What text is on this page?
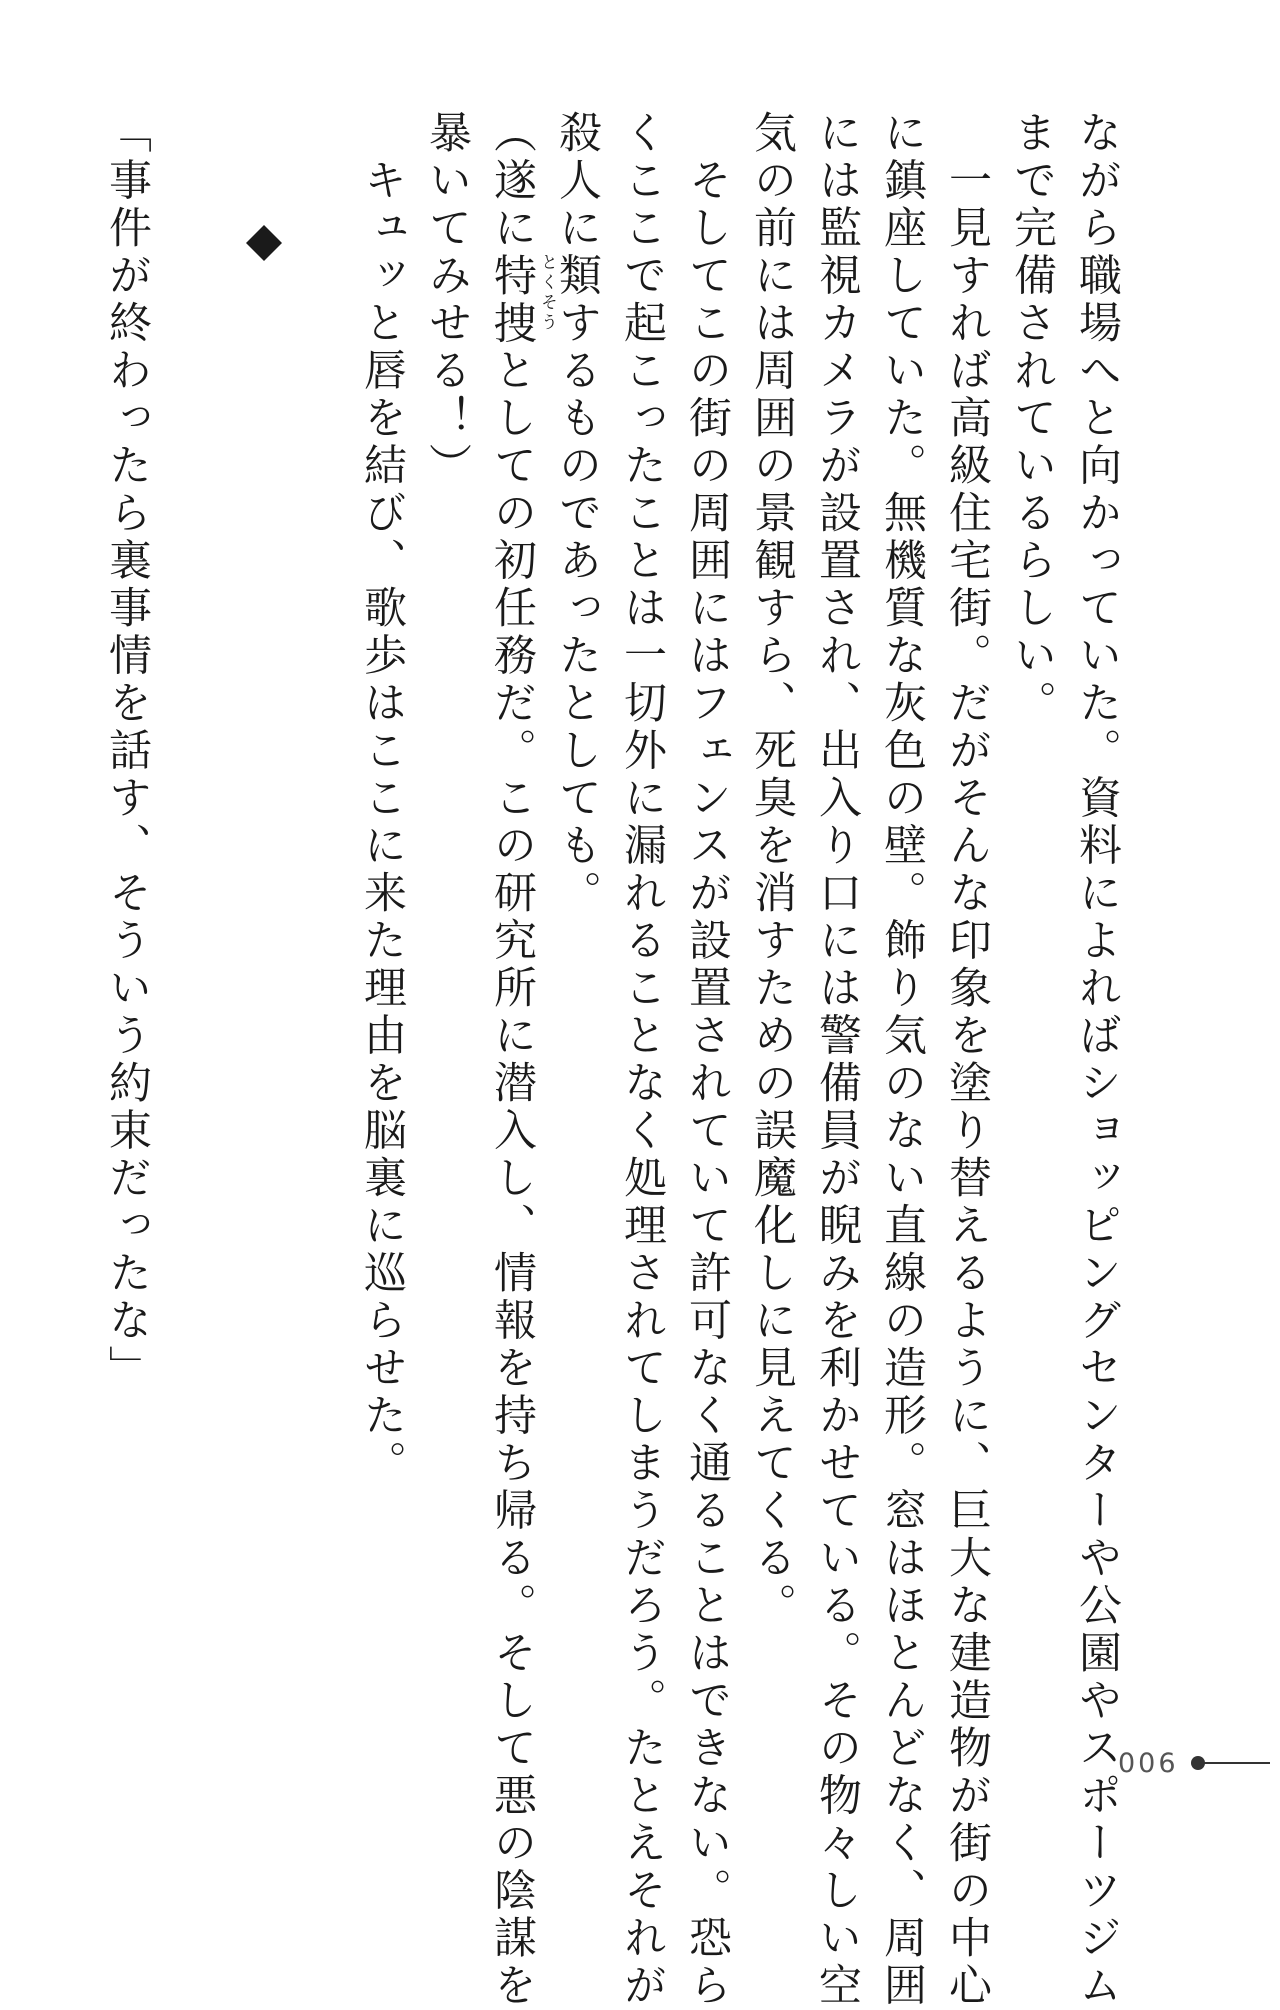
ながら職場へと向かっていた。資料によればショッピングセンターや公園やスポーツジム

まで完備されているらしい。

　一見すれば高級住宅街。だがそんな印象を塗り替えるように、巨大な建造物が街の中心

に鎮座していた。無機質な灰色の壁。飾り気のない直線の造形。窓はほとんどなく、周囲

には監視カメラが設置され、出入り口には警備員が睨みを利かせている。その物々しい空

気の前には周囲の景観すら、死臭を消すための誤魔化しに見えてくる。

　そしてこの街の周囲にはフェンスが設置されていて許可なく通ることはできない。恐ら

くここで起こったことは一切外に漏れることなく処理されてしまうだろう。たとえそれが

殺人に類するものであったとしても。

（遂に特捜 とくそう
としての初任務だ。この研究所に潜入し、情報を持ち帰る。そして悪の陰謀を

暴いてみせる！）

　キュッと唇を結び、歌歩はここに来た理由を脳裏に巡らせた。

「事件が終わったら裏事情を話す、そういう約束だったな」

006
